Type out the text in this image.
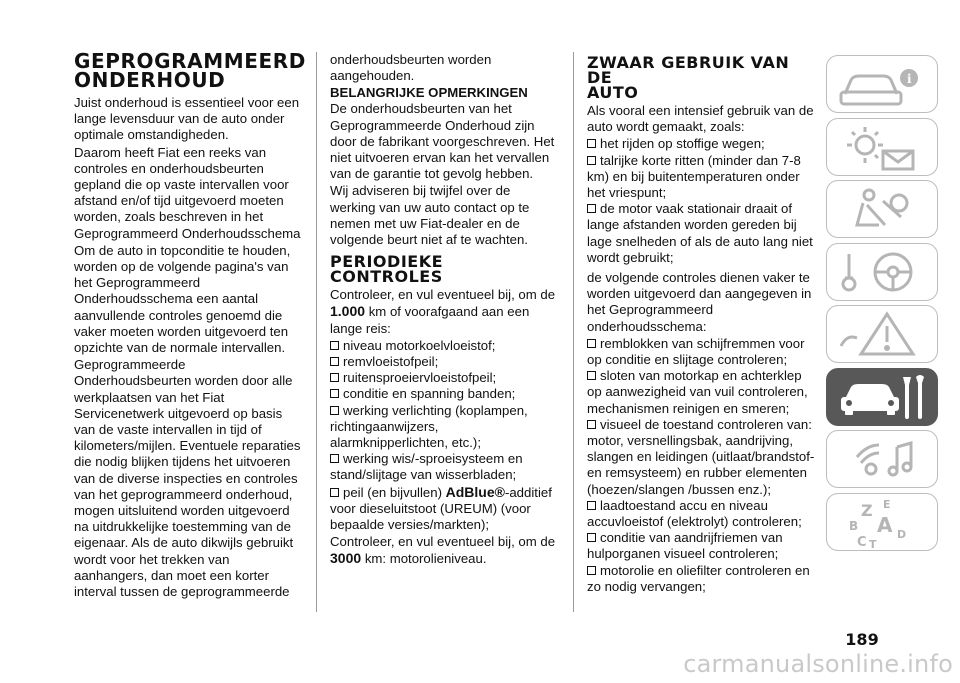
GEPROGRAMMEERD
ONDERHOUD

Juist onderhoud is essentieel voor een lange levensduur van de auto onder optimale omstandigheden.

Daarom heeft Fiat een reeks van controles en onderhoudsbeurten gepland die op vaste intervallen voor afstand en/of tijd uitgevoerd moeten worden, zoals beschreven in het Geprogrammeerd Onderhoudsschema

Om de auto in topconditie te houden, worden op de volgende pagina's van het Geprogrammeerd Onderhoudsschema een aantal aanvullende controles genoemd die vaker moeten worden uitgevoerd ten opzichte van de normale intervallen.

Geprogrammeerde Onderhoudsbeurten worden door alle werkplaatsen van het Fiat Servicenetwerk uitgevoerd op basis van de vaste intervallen in tijd of kilometers/mijlen. Eventuele reparaties die nodig blijken tijdens het uitvoeren van de diverse inspecties en controles van het geprogrammeerd onderhoud, mogen uitsluitend worden uitgevoerd na uitdrukkelijke toestemming van de eigenaar. Als de auto dikwijls gebruikt wordt voor het trekken van aanhangers, dan moet een korter interval tussen de geprogrammeerde

onderhoudsbeurten worden aangehouden.

BELANGRIJKE OPMERKINGEN

De onderhoudsbeurten van het Geprogrammeerde Onderhoud zijn door de fabrikant voorgeschreven. Het niet uitvoeren ervan kan het vervallen van de garantie tot gevolg hebben.

Wij adviseren bij twijfel over de werking van uw auto contact op te nemen met uw Fiat-dealer en de volgende beurt niet af te wachten.

PERIODIEKE
CONTROLES

Controleer, en vul eventueel bij, om de 1.000 km of voorafgaand aan een lange reis:

niveau motorkoelvloeistof;
remvloeistofpeil;
ruitensproeiervloeistofpeil;
conditie en spanning banden;
werking verlichting (koplampen, richtingaanwijzers, alarmknipperlichten, etc.);
werking wis/-sproeisysteem en stand/slijtage van wisserbladen;
peil (en bijvullen) AdBlue®-additief voor dieseluitstoot (UREUM) (voor bepaalde versies/markten);

Controleer, en vul eventueel bij, om de 3000 km: motorolieniveau.

ZWAAR GEBRUIK VAN DE
AUTO

Als vooral een intensief gebruik van de auto wordt gemaakt, zoals:

het rijden op stoffige wegen;
talrijke korte ritten (minder dan 7-8 km) en bij buitentemperaturen onder het vriespunt;
de motor vaak stationair draait of lange afstanden worden gereden bij lage snelheden of als de auto lang niet wordt gebruikt;

de volgende controles dienen vaker te worden uitgevoerd dan aangegeven in het Geprogrammeerd onderhoudsschema:

remblokken van schijfremmen voor op conditie en slijtage controleren;
sloten van motorkap en achterklep op aanwezigheid van vuil controleren, mechanismen reinigen en smeren;
visueel de toestand controleren van: motor, versnellingsbak, aandrijving, slangen en leidingen (uitlaat/brandstof-en remsysteem) en rubber elementen (hoezen/slangen /bussen enz.);
laadtoestand accu en niveau accuvloeistof (elektrolyt) controleren;
conditie van aandrijfriemen van hulporganen visueel controleren;
motorolie en oliefilter controleren en zo nodig vervangen;
i
Z E
B A
C T
D
189
carmanualsonline.info
